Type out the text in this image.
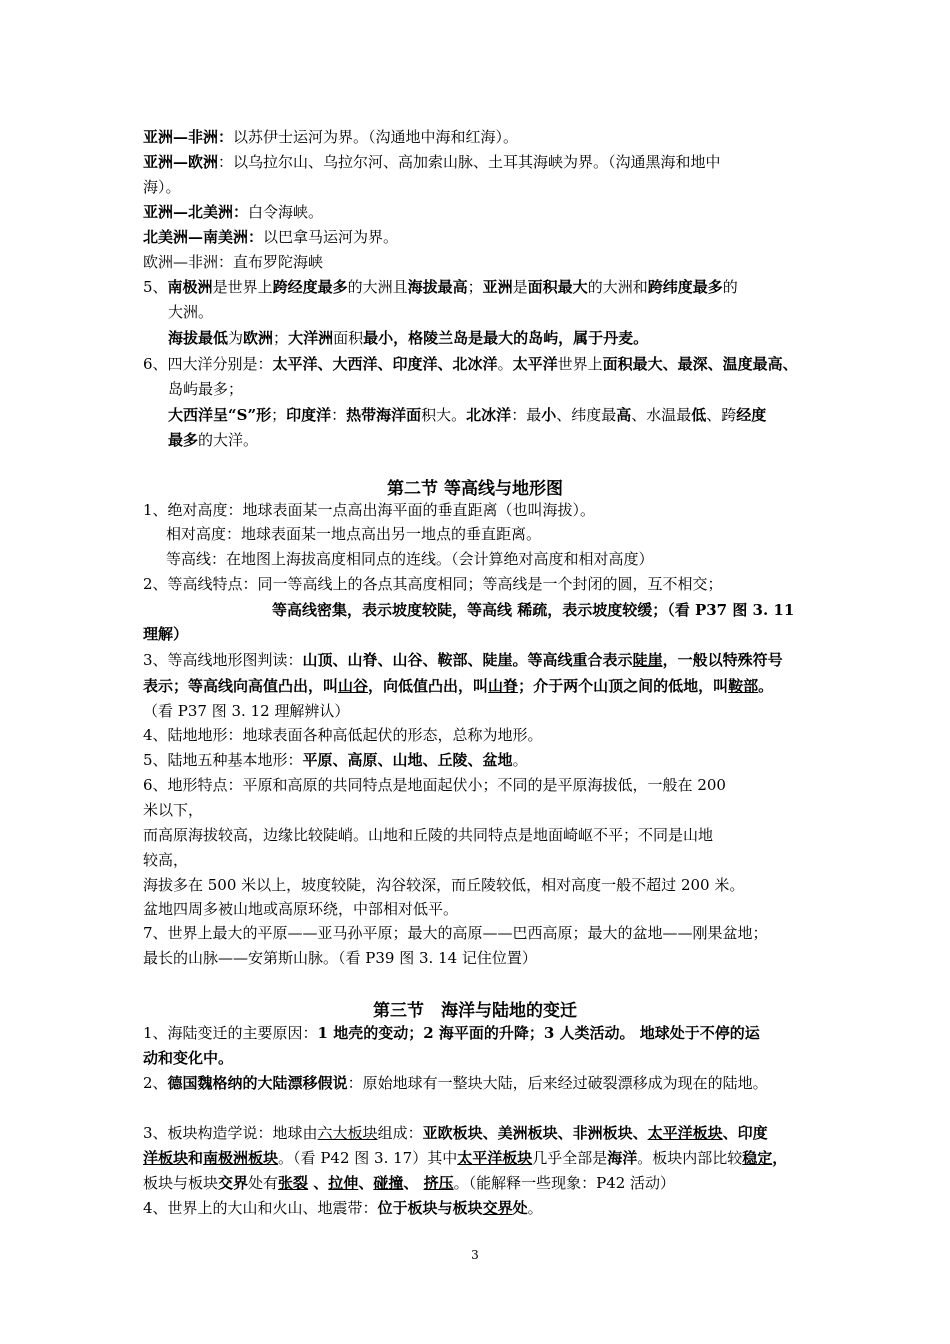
亚洲—非洲：以苏伊士运河为界。（沟通地中海和红海）。
亚洲—欧洲：以乌拉尔山、乌拉尔河、高加索山脉、土耳其海峡为界。（沟通黑海和地中
海）。
亚洲—北美洲：白令海峡。
北美洲—南美洲：以巴拿马运河为界。
欧洲—非洲：直布罗陀海峡
5、南极洲是世界上跨经度最多的大洲且海拔最高；亚洲是面积最大的大洲和跨纬度最多的
大洲。
海拔最低为欧洲；大洋洲面积最小，格陵兰岛是最大的岛屿，属于丹麦。
6、四大洋分别是：太平洋、大西洋、印度洋、北冰洋。太平洋世界上面积最大、最深、温度最高、
岛屿最多；
大西洋呈“S”形；印度洋：热带海洋面积大。北冰洋：最小、纬度最高、水温最低、跨经度
最多的大洋。
第二节 等高线与地形图
1、绝对高度：地球表面某一点高出海平面的垂直距离（也叫海拔）。
相对高度：地球表面某一地点高出另一地点的垂直距离。
等高线：在地图上海拔高度相同点的连线。（会计算绝对高度和相对高度）
2、等高线特点：同一等高线上的各点其高度相同；等高线是一个封闭的圆，互不相交；
等高线密集，表示坡度较陡，等高线 稀疏，表示坡度较缓；（看 P37 图 3. 11
理解）
3、等高线地形图判读：山顶、山脊、山谷、鞍部、陡崖。等高线重合表示陡崖，一般以特殊符号
表示；等高线向高值凸出，叫山谷，向低值凸出，叫山脊；介于两个山顶之间的低地，叫鞍部。
（看 P37 图 3. 12 理解辨认）
4、陆地地形：地球表面各种高低起伏的形态，总称为地形。
5、陆地五种基本地形：平原、高原、山地、丘陵、盆地。
6、地形特点：平原和高原的共同特点是地面起伏小；不同的是平原海拔低，一般在 200
米以下，
而高原海拔较高，边缘比较陡峭。山地和丘陵的共同特点是地面崎岖不平；不同是山地
较高，
海拔多在 500 米以上，坡度较陡，沟谷较深，而丘陵较低，相对高度一般不超过 200 米。
盆地四周多被山地或高原环绕，中部相对低平。
7、世界上最大的平原——亚马孙平原；最大的高原——巴西高原；最大的盆地——刚果盆地；
最长的山脉——安第斯山脉。（看 P39 图 3. 14 记住位置）
第三节　海洋与陆地的变迁
1、海陆变迁的主要原因：1 地壳的变动；2 海平面的升降；3 人类活动。 地球处于不停的运
动和变化中。
2、德国魏格纳的大陆漂移假说：原始地球有一整块大陆，后来经过破裂漂移成为现在的陆地。
3、板块构造学说：地球由六大板块组成：亚欧板块、美洲板块、非洲板块、太平洋板块、印度
洋板块和南极洲板块。（看 P42 图 3. 17）其中太平洋板块几乎全部是海洋。板块内部比较稳定，
板块与板块交界处有张裂 、拉伸、碰撞、 挤压。（能解释一些现象：P42 活动）
4、世界上的大山和火山、地震带：位于板块与板块交界处。
3
